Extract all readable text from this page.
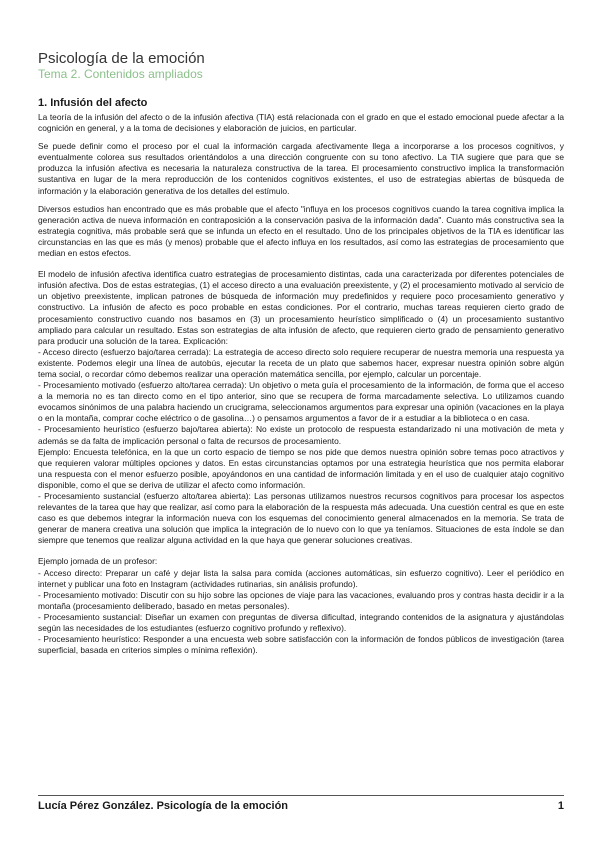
Psicología de la emoción
Tema 2. Contenidos ampliados
1. Infusión del afecto

La teoría de la infusión del afecto o de la infusión afectiva (TIA) está relacionada con el grado en que el estado emocional puede afectar a la cognición en general, y a la toma de decisiones y elaboración de juicios, en particular.

Se puede definir como el proceso por el cual la información cargada afectivamente llega a incorporarse a los procesos cognitivos, y eventualmente colorea sus resultados orientándolos a una dirección congruente con su tono afectivo. La TIA sugiere que para que se produzca la infusión afectiva es necesaria la naturaleza constructiva de la tarea. El procesamiento constructivo implica la transformación sustantiva en lugar de la mera reproducción de los contenidos cognitivos existentes, el uso de estrategias abiertas de búsqueda de información y la elaboración generativa de los detalles del estímulo.

Diversos estudios han encontrado que es más probable que el afecto "influya en los procesos cognitivos cuando la tarea cognitiva implica la generación activa de nueva información en contraposición a la conservación pasiva de la información dada". Cuanto más constructiva sea la estrategia cognitiva, más probable será que se infunda un efecto en el resultado. Uno de los principales objetivos de la TIA es identificar las circunstancias en las que es más (y menos) probable que el afecto influya en los resultados, así como las estrategias de procesamiento que median en estos efectos.

El modelo de infusión afectiva identifica cuatro estrategias de procesamiento distintas, cada una caracterizada por diferentes potenciales de infusión afectiva. Dos de estas estrategias, (1) el acceso directo a una evaluación preexistente, y (2) el procesamiento motivado al servicio de un objetivo preexistente, implican patrones de búsqueda de información muy predefinidos y requiere poco procesamiento generativo y constructivo. La infusión de afecto es poco probable en estas condiciones. Por el contrario, muchas tareas requieren cierto grado de procesamiento constructivo cuando nos basamos en (3) un procesamiento heurístico simplificado o (4) un procesamiento sustantivo ampliado para calcular un resultado. Estas son estrategias de alta infusión de afecto, que requieren cierto grado de pensamiento generativo para producir una solución de la tarea. Explicación:

- Acceso directo (esfuerzo bajo/tarea cerrada): La estrategia de acceso directo solo requiere recuperar de nuestra memoria una respuesta ya existente. Podemos elegir una línea de autobús, ejecutar la receta de un plato que sabemos hacer, expresar nuestra opinión sobre algún tema social, o recordar cómo debemos realizar una operación matemática sencilla, por ejemplo, calcular un porcentaje.

- Procesamiento motivado (esfuerzo alto/tarea cerrada): Un objetivo o meta guía el procesamiento de la información, de forma que el acceso a la memoria no es tan directo como en el tipo anterior, sino que se recupera de forma marcadamente selectiva. Lo utilizamos cuando evocamos sinónimos de una palabra haciendo un crucigrama, seleccionamos argumentos para expresar una opinión (vacaciones en la playa o en la montaña, comprar coche eléctrico o de gasolina…) o pensamos argumentos a favor de ir a estudiar a la biblioteca o en casa.

- Procesamiento heurístico (esfuerzo bajo/tarea abierta): No existe un protocolo de respuesta estandarizado ni una motivación de meta y además se da falta de implicación personal o falta de recursos de procesamiento.

Ejemplo: Encuesta telefónica, en la que un corto espacio de tiempo se nos pide que demos nuestra opinión sobre temas poco atractivos y que requieren valorar múltiples opciones y datos. En estas circunstancias optamos por una estrategia heurística que nos permita elaborar una respuesta con el menor esfuerzo posible, apoyándonos en una cantidad de información limitada y en el uso de cualquier atajo cognitivo disponible, como el que se deriva de utilizar el afecto como información.

- Procesamiento sustancial (esfuerzo alto/tarea abierta): Las personas utilizamos nuestros recursos cognitivos para procesar los aspectos relevantes de la tarea que hay que realizar, así como para la elaboración de la respuesta más adecuada. Una cuestión central es que en este caso es que debemos integrar la información nueva con los esquemas del conocimiento general almacenados en la memoria. Se trata de generar de manera creativa una solución que implica la integración de lo nuevo con lo que ya teníamos. Situaciones de esta índole se dan siempre que tenemos que realizar alguna actividad en la que haya que generar soluciones creativas.

Ejemplo jornada de un profesor:

- Acceso directo: Preparar un café y dejar lista la salsa para comida (acciones automáticas, sin esfuerzo cognitivo). Leer el periódico en internet y publicar una foto en Instagram (actividades rutinarias, sin análisis profundo).

- Procesamiento motivado: Discutir con su hijo sobre las opciones de viaje para las vacaciones, evaluando pros y contras hasta decidir ir a la montaña (procesamiento deliberado, basado en metas personales).

- Procesamiento sustancial: Diseñar un examen con preguntas de diversa dificultad, integrando contenidos de la asignatura y ajustándolas según las necesidades de los estudiantes (esfuerzo cognitivo profundo y reflexivo).

- Procesamiento heurístico: Responder a una encuesta web sobre satisfacción con la información de fondos públicos de investigación (tarea superficial, basada en criterios simples o mínima reflexión).

Lucía Pérez González. Psicología de la emoción	1
